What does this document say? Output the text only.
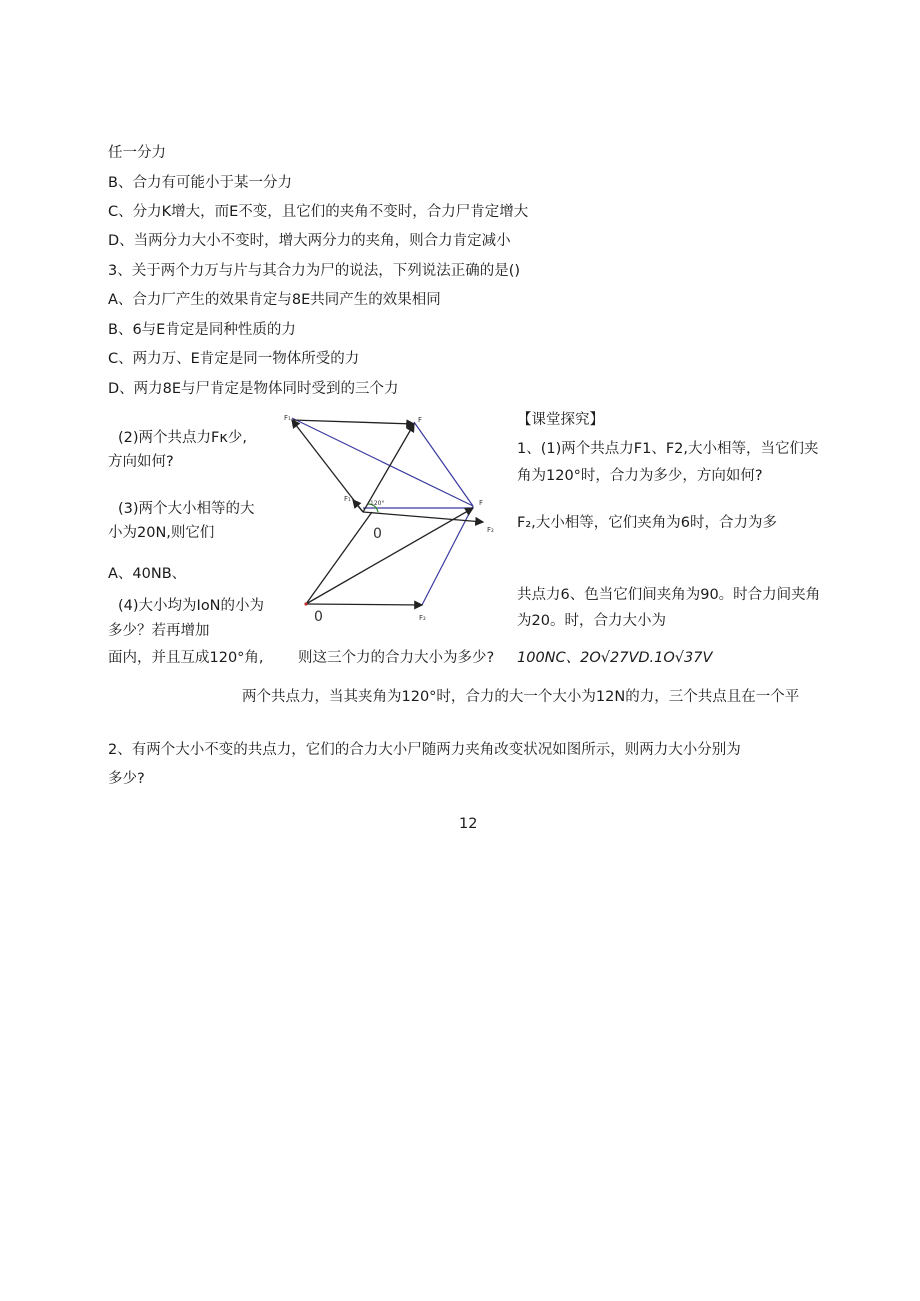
任一分力
B、合力有可能小于某一分力
C、分力K增大，而E不变，且它们的夹角不变时，合力尸肯定增大
D、当两分力大小不变时，增大两分力的夹角，则合力肯定减小
3、关于两个力万与片与其合力为尸的说法，下列说法正确的是()
A、合力厂产生的效果肯定与8E共同产生的效果相同
B、6与E肯定是同种性质的力
C、两力万、E肯定是同一物体所受的力
D、两力8E与尸肯定是物体同时受到的三个力
(2)两个共点力Fκ少,
方向如何?
(3)两个大小相等的大
小为20N,则它们
A、40NB、
(4)大小均为IoN的小为
多少？若再增加
面内，并且互成120°角, 则这三个力的合力大小为多少?
【课堂探究】
1、(1)两个共点力F1、F2,大小相等，当它们夹
角为120°时，合力为多少，方向如何?
F₂,大小相等，它们夹角为6时，合力为多
共点力6、色当它们间夹角为90。时合力间夹角
为20。时，合力大小为
100NC、2O√27VD.1O√37V
两个共点力，当其夹角为120°时，合力的大一个大小为12N的力，三个共点且在一个平
2、有两个大小不变的共点力，它们的合力大小尸随两力夹角改变状况如图所示，则两力大小分别为
多少?
12
F₁	F
F₁
120°
0
F
F₂
0	F₂
